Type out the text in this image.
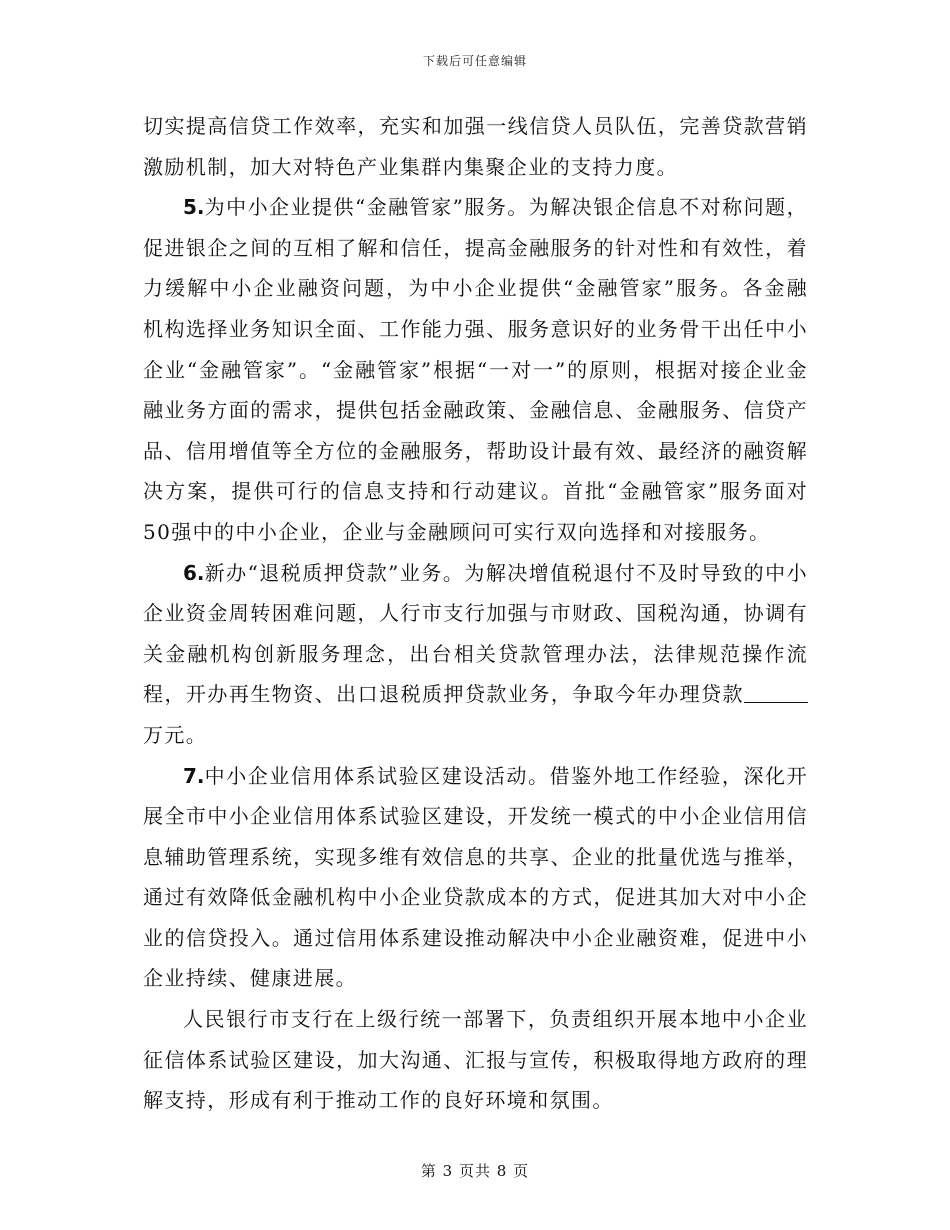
下载后可任意编辑

切实提高信贷工作效率，充实和加强一线信贷人员队伍，完善贷款营销激励机制，加大对特色产业集群内集聚企业的支持力度。

5.为中小企业提供“金融管家”服务。为解决银企信息不对称问题，促进银企之间的互相了解和信任，提高金融服务的针对性和有效性，着力缓解中小企业融资问题，为中小企业提供“金融管家”服务。各金融机构选择业务知识全面、工作能力强、服务意识好的业务骨干出任中小企业“金融管家”。“金融管家”根据“一对一”的原则，根据对接企业金融业务方面的需求，提供包括金融政策、金融信息、金融服务、信贷产品、信用增值等全方位的金融服务，帮助设计最有效、最经济的融资解决方案，提供可行的信息支持和行动建议。首批“金融管家”服务面对50强中的中小企业，企业与金融顾问可实行双向选择和对接服务。

6.新办“退税质押贷款”业务。为解决增值税退付不及时导致的中小企业资金周转困难问题，人行市支行加强与市财政、国税沟通，协调有关金融机构创新服务理念，出台相关贷款管理办法，法律规范操作流程，开办再生物资、出口退税质押贷款业务，争取今年办理贷款万元。

7.中小企业信用体系试验区建设活动。借鉴外地工作经验，深化开展全市中小企业信用体系试验区建设，开发统一模式的中小企业信用信息辅助管理系统，实现多维有效信息的共享、企业的批量优选与推举，通过有效降低金融机构中小企业贷款成本的方式，促进其加大对中小企业的信贷投入。通过信用体系建设推动解决中小企业融资难，促进中小企业持续、健康进展。

人民银行市支行在上级行统一部署下，负责组织开展本地中小企业征信体系试验区建设，加大沟通、汇报与宣传，积极取得地方政府的理解支持，形成有利于推动工作的良好环境和氛围。

第 3 页共 8 页
